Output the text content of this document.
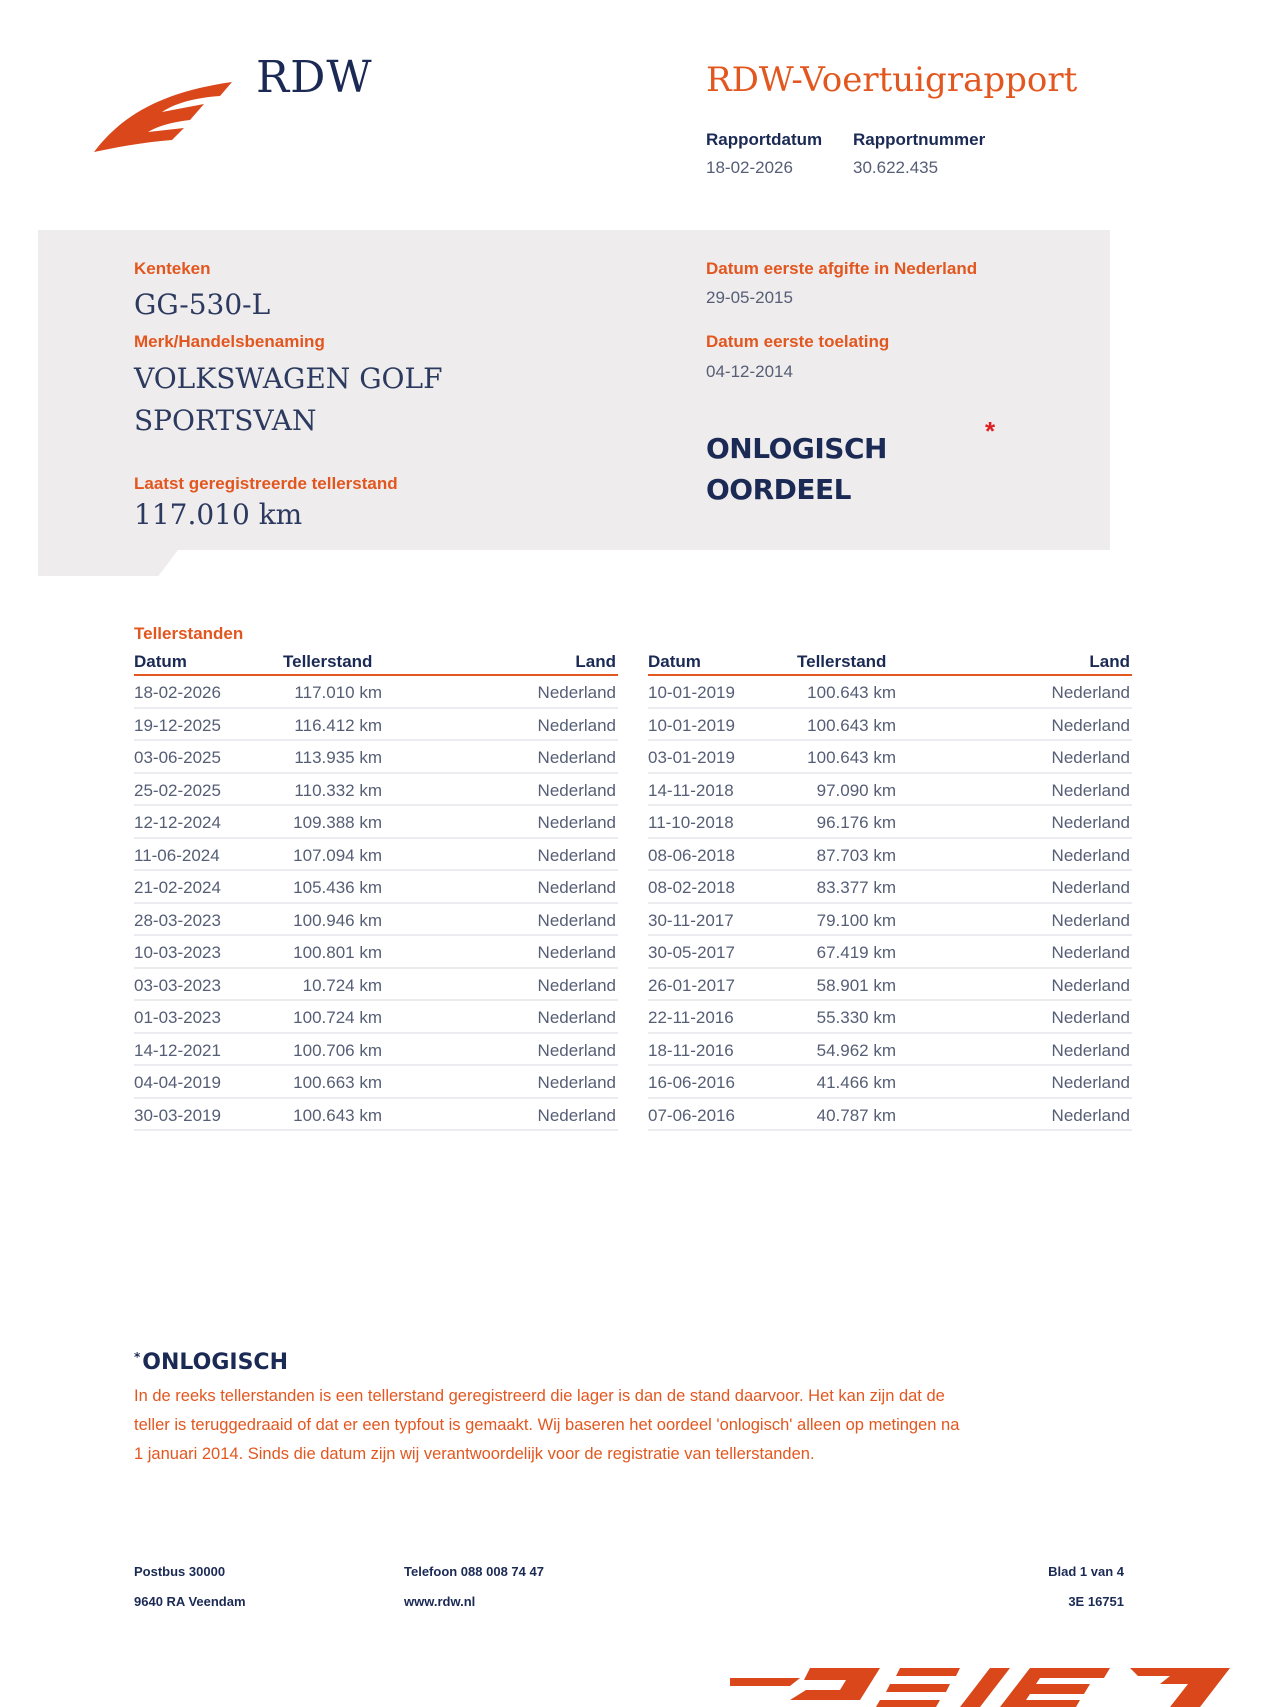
RDW	RDW-Voertuigrapport
Rapportdatum
18-02-2026
Rapportnummer
30.622.435
Kenteken
GG-530-L
Merk/Handelsbenaming
VOLKSWAGEN GOLF
SPORTSVAN
Laatst geregistreerde tellerstand
117.010 km
Datum eerste afgifte in Nederland
29-05-2015
Datum eerste toelating
04-12-2014
ONLOGISCH
OORDEEL
*
Tellerstanden
Datum	Tellerstand	Land
18-02-2026	117.010 km	Nederland
19-12-2025	116.412 km	Nederland
03-06-2025	113.935 km	Nederland
25-02-2025	110.332 km	Nederland
12-12-2024	109.388 km	Nederland
11-06-2024	107.094 km	Nederland
21-02-2024	105.436 km	Nederland
28-03-2023	100.946 km	Nederland
10-03-2023	100.801 km	Nederland
03-03-2023	10.724 km	Nederland
01-03-2023	100.724 km	Nederland
14-12-2021	100.706 km	Nederland
04-04-2019	100.663 km	Nederland
30-03-2019	100.643 km	Nederland
Datum	Tellerstand	Land
10-01-2019	100.643 km	Nederland
10-01-2019	100.643 km	Nederland
03-01-2019	100.643 km	Nederland
14-11-2018	97.090 km	Nederland
11-10-2018	96.176 km	Nederland
08-06-2018	87.703 km	Nederland
08-02-2018	83.377 km	Nederland
30-11-2017	79.100 km	Nederland
30-05-2017	67.419 km	Nederland
26-01-2017	58.901 km	Nederland
22-11-2016	55.330 km	Nederland
18-11-2016	54.962 km	Nederland
16-06-2016	41.466 km	Nederland
07-06-2016	40.787 km	Nederland
*ONLOGISCH
In de reeks tellerstanden is een tellerstand geregistreerd die lager is dan de stand daarvoor. Het kan zijn dat de
teller is teruggedraaid of dat er een typfout is gemaakt. Wij baseren het oordeel 'onlogisch' alleen op metingen na
1 januari 2014. Sinds die datum zijn wij verantwoordelijk voor de registratie van tellerstanden.
Postbus 30000
9640 RA Veendam
Telefoon 088 008 74 47
www.rdw.nl
Blad 1 van 4
3E 16751
